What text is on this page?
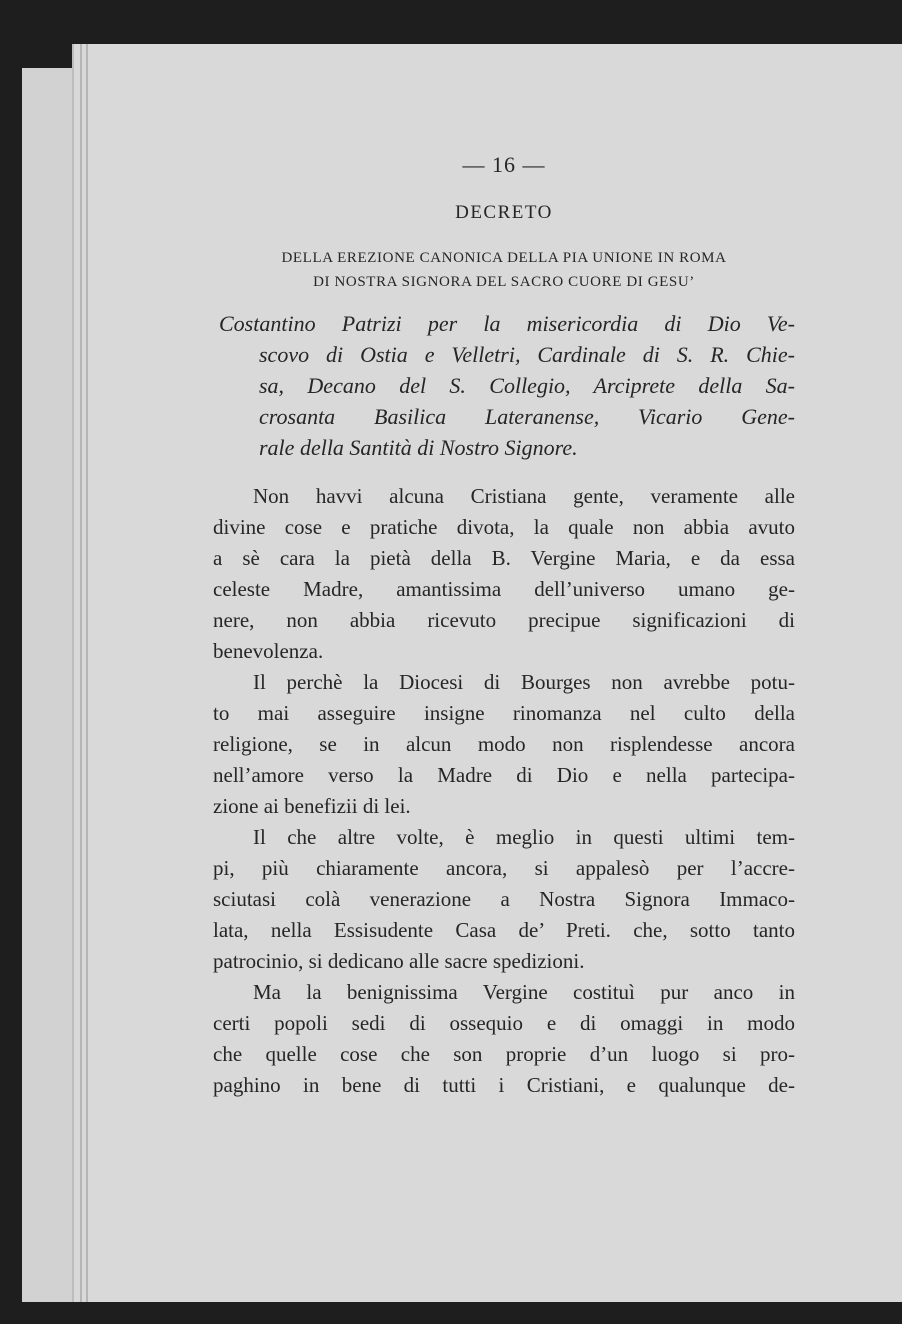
— 16 —
DECRETO
DELLA EREZIONE CANONICA DELLA PIA UNIONE IN ROMA
DI NOSTRA SIGNORA DEL SACRO CUORE DI GESU’
Costantino Patrizi per la misericordia di Dio Ve-
scovo di Ostia e Velletri, Cardinale di S. R. Chie-
sa, Decano del S. Collegio, Arciprete della Sa-
crosanta Basilica Lateranense, Vicario Gene-
rale della Santità di Nostro Signore.
Non havvi alcuna Cristiana gente, veramente alle
divine cose e pratiche divota, la quale non abbia avuto
a sè cara la pietà della B. Vergine Maria, e da essa
celeste Madre, amantissima dell’universo umano ge-
nere, non abbia ricevuto precipue significazioni di
benevolenza.
Il perchè la Diocesi di Bourges non avrebbe potu-
to mai asseguire insigne rinomanza nel culto della
religione, se in alcun modo non risplendesse ancora
nell’amore verso la Madre di Dio e nella partecipa-
zione ai benefizii di lei.
Il che altre volte, è meglio in questi ultimi tem-
pi, più chiaramente ancora, si appalesò per l’accre-
sciutasi colà venerazione a Nostra Signora Immaco-
lata, nella Essisudente Casa de’ Preti. che, sotto tanto
patrocinio, si dedicano alle sacre spedizioni.
Ma la benignissima Vergine costituì pur anco in
certi popoli sedi di ossequio e di omaggi in modo
che quelle cose che son proprie d’un luogo si pro-
paghino in bene di tutti i Cristiani, e qualunque de-
